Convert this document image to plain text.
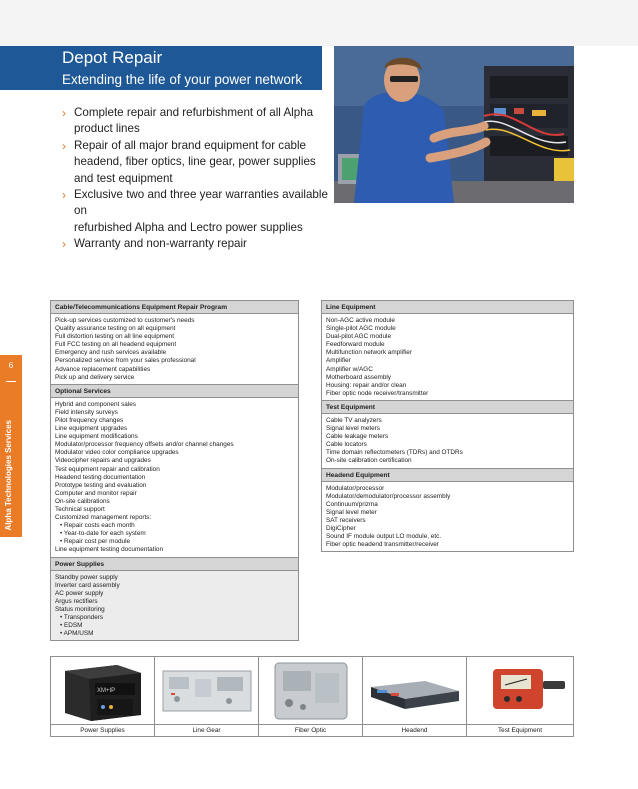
Depot Repair
Extending the life of your power network
› Complete repair and refurbishment of all Alpha
product lines
› Repair of all major brand equipment for cable
headend, fiber optics, line gear, power supplies
and test equipment
› Exclusive two and three year warranties available on
refurbished Alpha and Lectro power supplies
› Warranty and non-warranty repair
6
Alpha Technologies Services
Cable/Telecommunications Equipment Repair Program
Pick-up services customized to customer's needs
Quality assurance testing on all equipment
Full distortion testing on all line equipment
Full FCC testing on all headend equipment
Emergency and rush services available
Personalized service from your sales professional
Advance replacement capabilities
Pick up and delivery service
Optional Services
Hybrid and component sales
Field intensity surveys
Pilot frequency changes
Line equipment upgrades
Line equipment modifications
Modulator/processor frequency offsets and/or channel changes
Modulator video color compliance upgrades
Videocipher repairs and upgrades
Test equipment repair and calibration
Headend testing documentation
Prototype testing and evaluation
Computer and monitor repair
On-site calibrations
Technical support
Customized management reports:
• Repair costs each month
• Year-to-date for each system
• Repair cost per module
Line equipment testing documentation
Power Supplies
Standby power supply
Inverter card assembly
AC power supply
Argus rectifiers
Status monitoring
• Transponders
• EDSM
• APM/USM
Line Equipment
Non-AGC active module
Single-pilot AGC module
Dual-pilot AGC module
Feedforward module
Multifunction network amplifier
Amplifier
Amplifier w/AGC
Motherboard assembly
Housing: repair and/or clean
Fiber optic node receiver/transmitter
Test Equipment
Cable TV analyzers
Signal level meters
Cable leakage meters
Cable locators
Time domain reflectometers (TDRs) and OTDRs
On-site calibration certification
Headend Equipment
Modulator/processor
Modulator/demodulator/processor assembly
Continuum/prizma
Signal level meter
SAT receivers
DigiCipher
Sound IF module output LO module, etc.
Fiber optic headend transmitter/receiver
XM+IP
Power Supplies	Line Gear	Fiber Optic	Headend	Test Equipment
